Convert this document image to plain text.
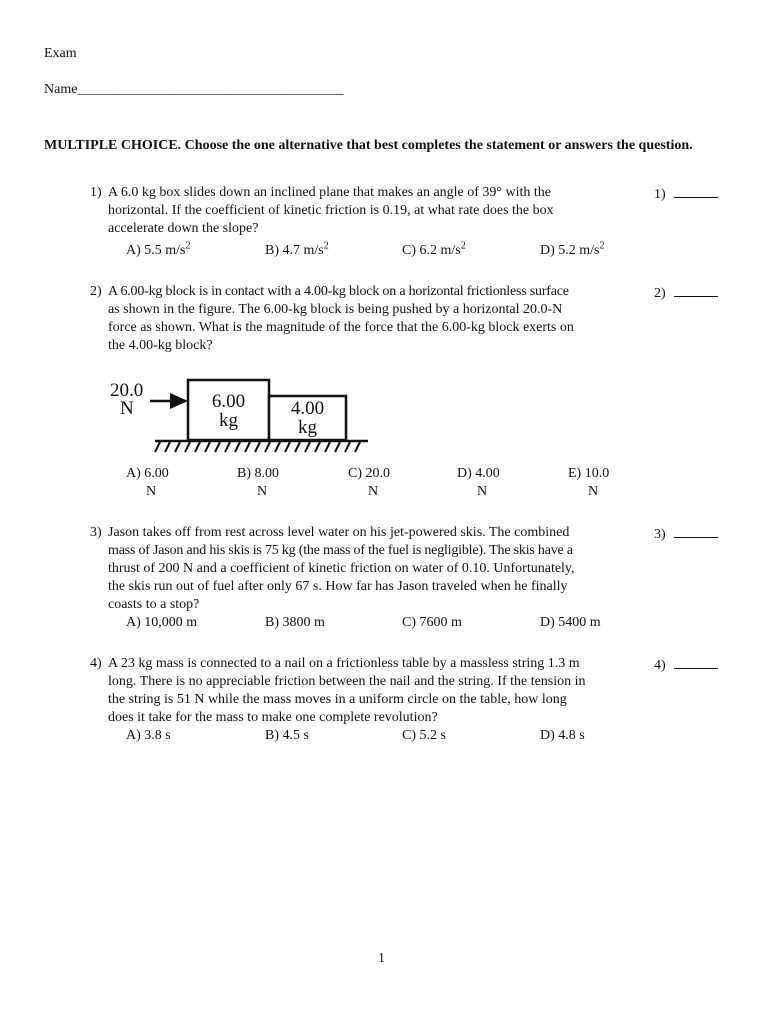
Exam
Name______________________________________
MULTIPLE CHOICE. Choose the one alternative that best completes the statement or answers the question.
1) A 6.0 kg box slides down an inclined plane that makes an angle of 39° with the
horizontal. If the coefficient of kinetic friction is 0.19, at what rate does the box
accelerate down the slope?
A) 5.5 $m/s^2$	B) 4.7 $m/s^2$	C) 6.2 $m/s^2$	D) 5.2 $m/s^2$
1)
2) A 6.00-kg block is in contact with a 4.00-kg block on a horizontal frictionless surface
as shown in the figure. The 6.00-kg block is being pushed by a horizontal 20.0-N
force as shown. What is the magnitude of the force that the 6.00-kg block exerts on
the 4.00-kg block?
2)
20.0
N	6.00
kg
4.00
kg
A) 6.00
N
B) 8.00
N
C) 20.0
N
D) 4.00
N
E) 10.0
N
3) Jason takes off from rest across level water on his jet-powered skis. The combined
mass of Jason and his skis is 75 kg (the mass of the fuel is negligible). The skis have a
thrust of 200 N and a coefficient of kinetic friction on water of 0.10. Unfortunately,
the skis run out of fuel after only 67 s. How far has Jason traveled when he finally
coasts to a stop?
A) 10,000 m	B) 3800 m	C) 7600 m	D) 5400 m
3)
4) A 23 kg mass is connected to a nail on a frictionless table by a massless string 1.3 m
long. There is no appreciable friction between the nail and the string. If the tension in
the string is 51 N while the mass moves in a uniform circle on the table, how long
does it take for the mass to make one complete revolution?
A) 3.8 s	B) 4.5 s	C) 5.2 s	D) 4.8 s
4)
1
